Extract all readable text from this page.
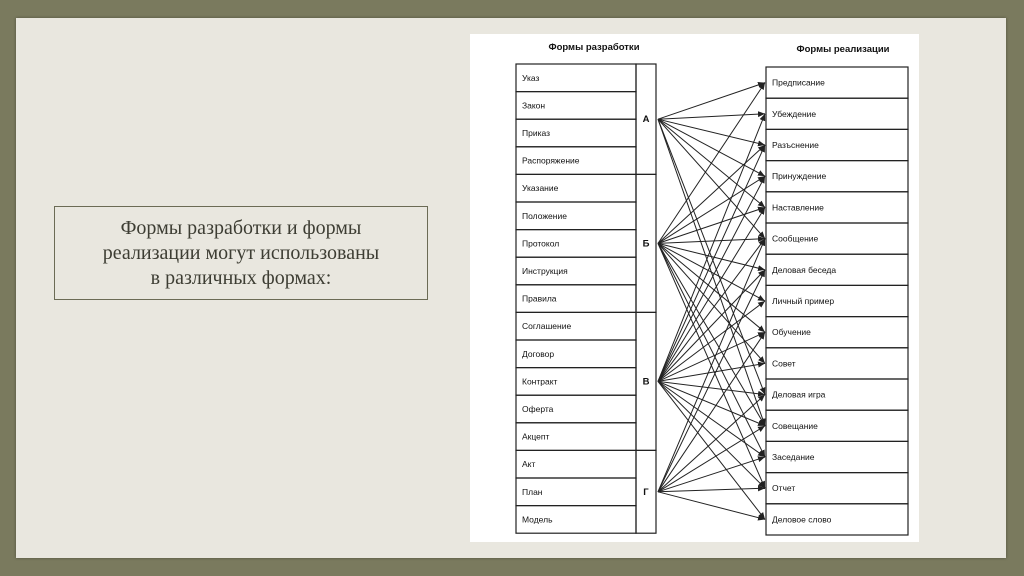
Формы разработки и формы
реализации могут использованы
в различных формах:
Формы разработки	Формы реализации
Указ
Закон
Приказ
Распоряжение
Указание
Положение
Протокол
Инструкция
Правила
Соглашение
Договор
Контракт
Оферта
Акцепт
Акт
План
Модель
А
Б
В
Г
Предписание
Убеждение
Разъснение
Принуждение
Наставление
Сообщение
Деловая беседа
Личный пример
Обучение
Совет
Деловая игра
Совещание
Заседание
Отчет
Деловое слово
